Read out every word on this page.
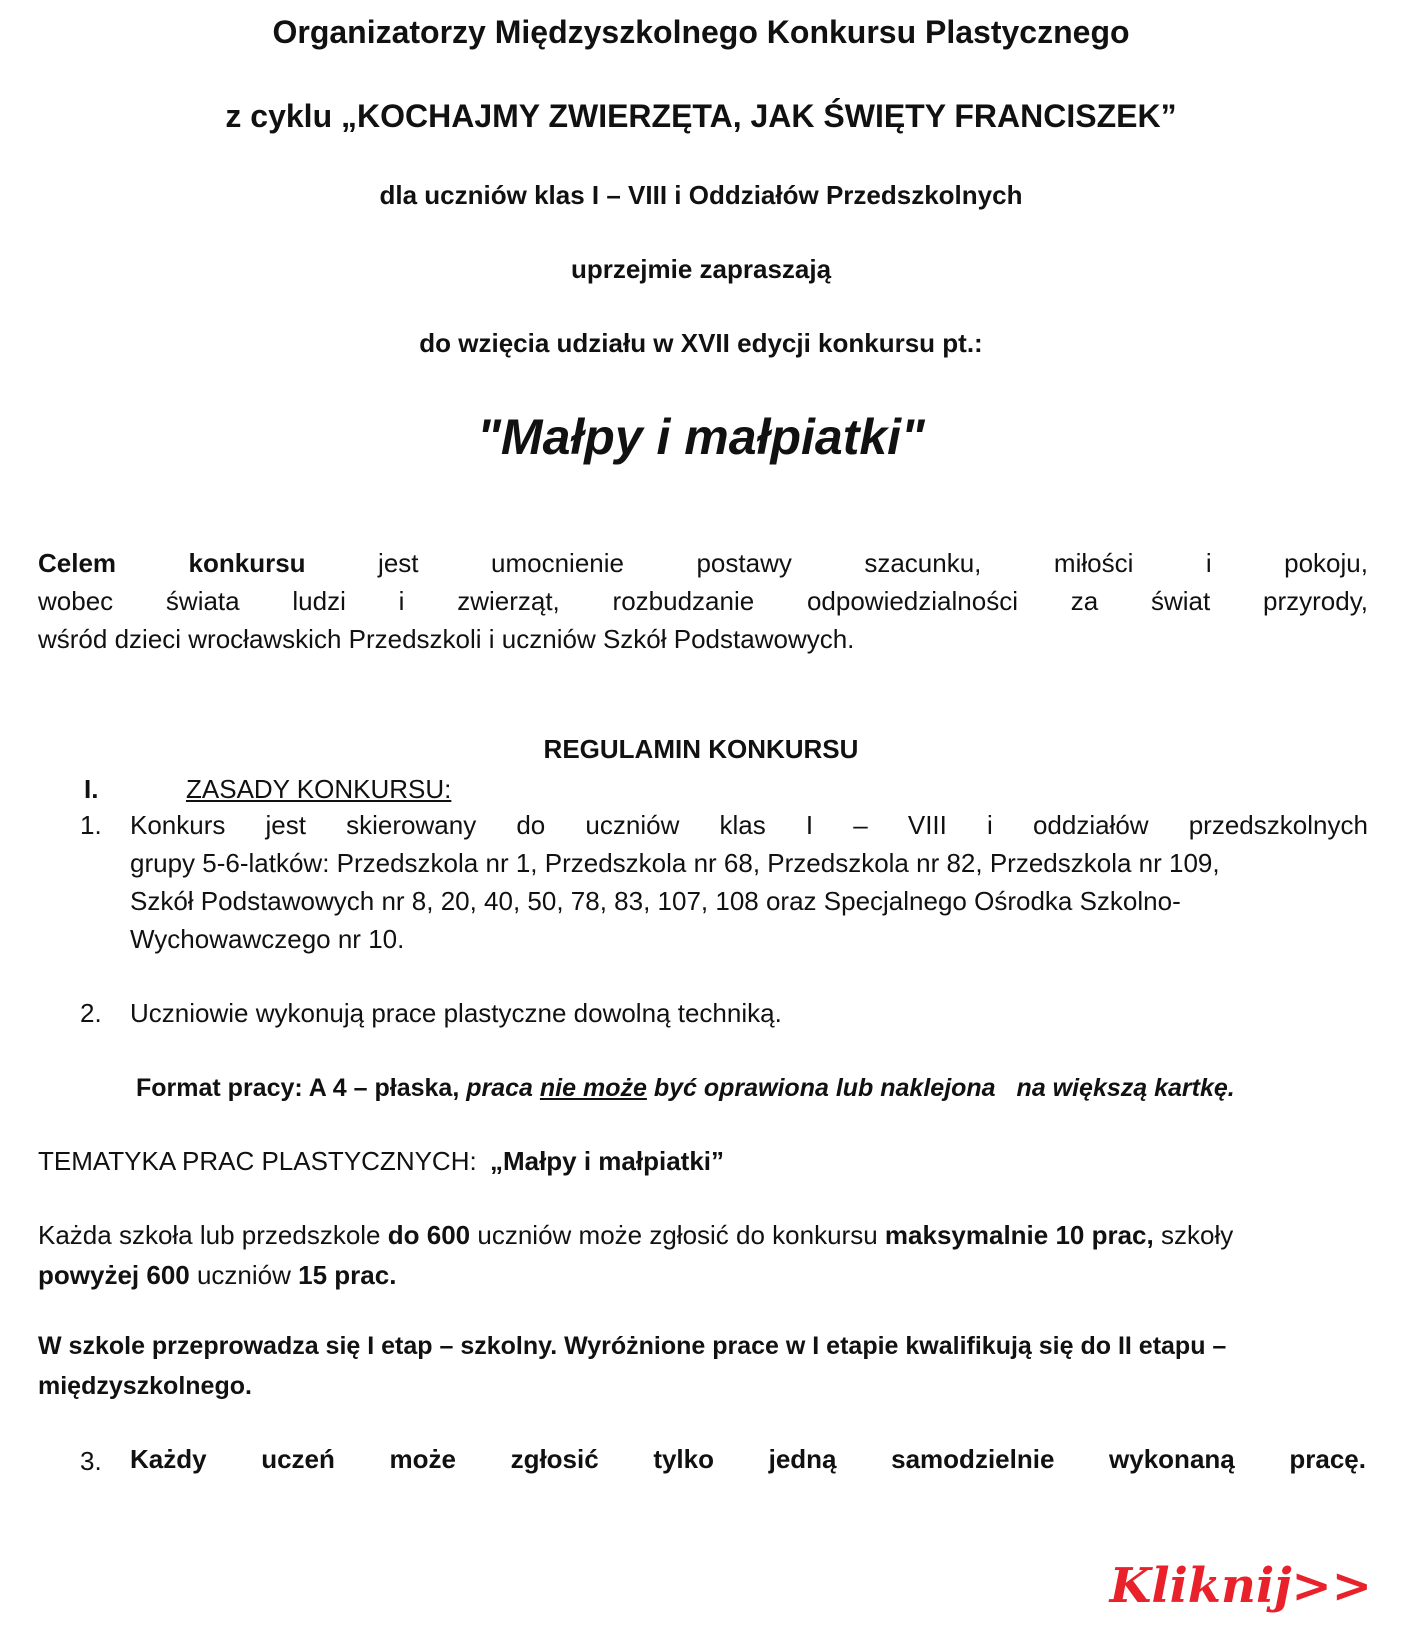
Organizatorzy Międzyszkolnego Konkursu Plastycznego
z cyklu „KOCHAJMY ZWIERZĘTA, JAK ŚWIĘTY FRANCISZEK”
dla uczniów klas I – VIII i Oddziałów Przedszkolnych
uprzejmie zapraszają
do wzięcia udziału w XVII edycji konkursu pt.:
"Małpy i małpiatki"
Celem	konkursu	jest	umocnienie	postawy	szacunku,	miłości	i	pokoju,
wobec świata ludzi i zwierząt, rozbudzanie odpowiedzialności za świat przyrody,
wśród dzieci wrocławskich Przedszkoli i uczniów Szkół Podstawowych.
REGULAMIN KONKURSU
I.	ZASADY KONKURSU:
1. Konkurs jest skierowany do uczniów klas I – VIII i oddziałów przedszkolnych
grupy 5-6-latków: Przedszkola nr 1, Przedszkola nr 68, Przedszkola nr 82, Przedszkola nr 109,
Szkół Podstawowych nr 8, 20, 40, 50, 78, 83, 107, 108 oraz Specjalnego Ośrodka Szkolno-
Wychowawczego nr 10.
2. Uczniowie wykonują prace plastyczne dowolną techniką.
Format pracy: A 4 – płaska, praca nie może być oprawiona lub naklejona na większą kartkę.
TEMATYKA PRAC PLASTYCZNYCH: „Małpy i małpiatki”
Każda szkoła lub przedszkole do 600 uczniów może zgłosić do konkursu maksymalnie 10 prac, szkoły
powyżej 600 uczniów 15 prac.
W szkole przeprowadza się I etap – szkolny. Wyróżnione prace w I etapie kwalifikują się do II etapu –
międzyszkolnego.
3. Każdy uczeń może zgłosić tylko jedną samodzielnie wykonaną pracę.
Kliknij>>
